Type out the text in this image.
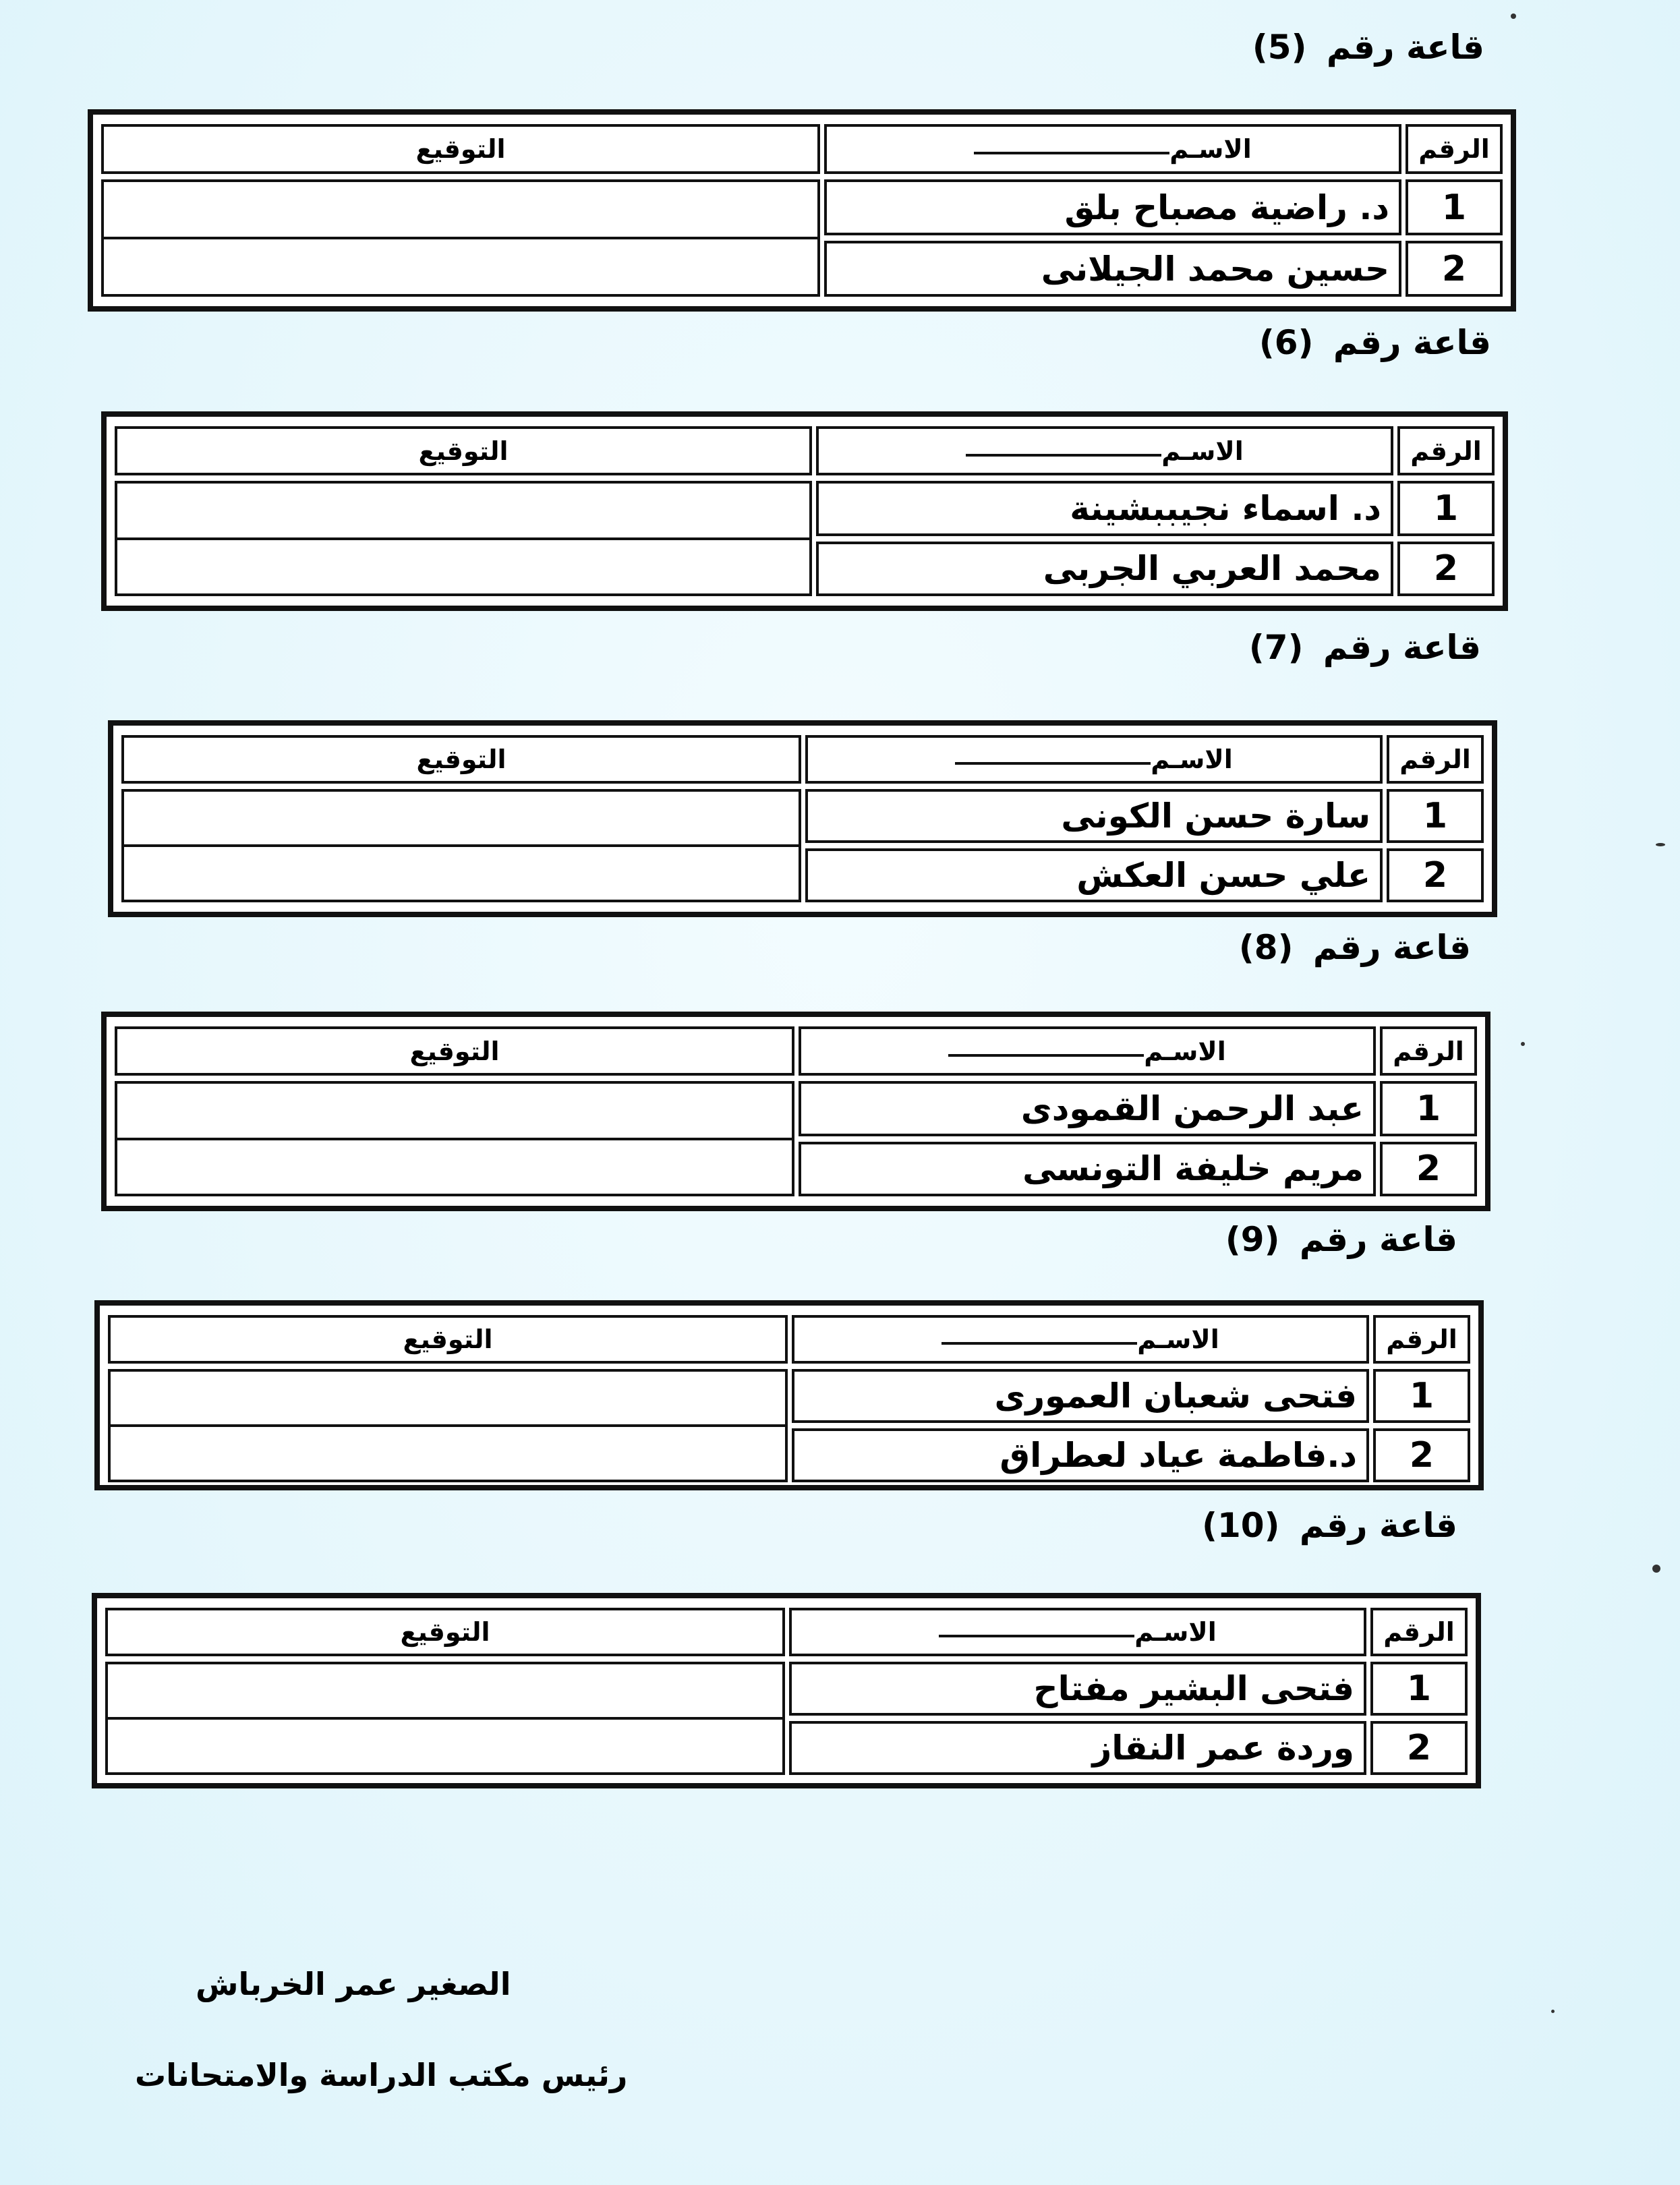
قاعة رقم (5)
الرقم	الاسـم	التوقيع
1	د. راضية مصباح بلق	

2	حسين محمد الجيلانى	
قاعة رقم (6)
الرقم	الاسـم	التوقيع
1	د. اسماء نجيببشينة	

2	محمد العربي الجربى	
قاعة رقم (7)
الرقم	الاسـم	التوقيع
1	سارة حسن الكونى	

2	علي حسن العكش	
قاعة رقم (8)
الرقم	الاسـم	التوقيع
1	عبد الرحمن القمودى	

2	مريم خليفة التونسى	
قاعة رقم (9)
الرقم	الاسـم	التوقيع
1	فتحى شعبان العمورى	

2	د.فاطمة عياد لعطراق	
قاعة رقم (10)
الرقم	الاسـم	التوقيع
1	فتحى البشير مفتاح	

2	وردة عمر النقاز	
الصغير عمر الخرباش
رئيس مكتب الدراسة والامتحانات
